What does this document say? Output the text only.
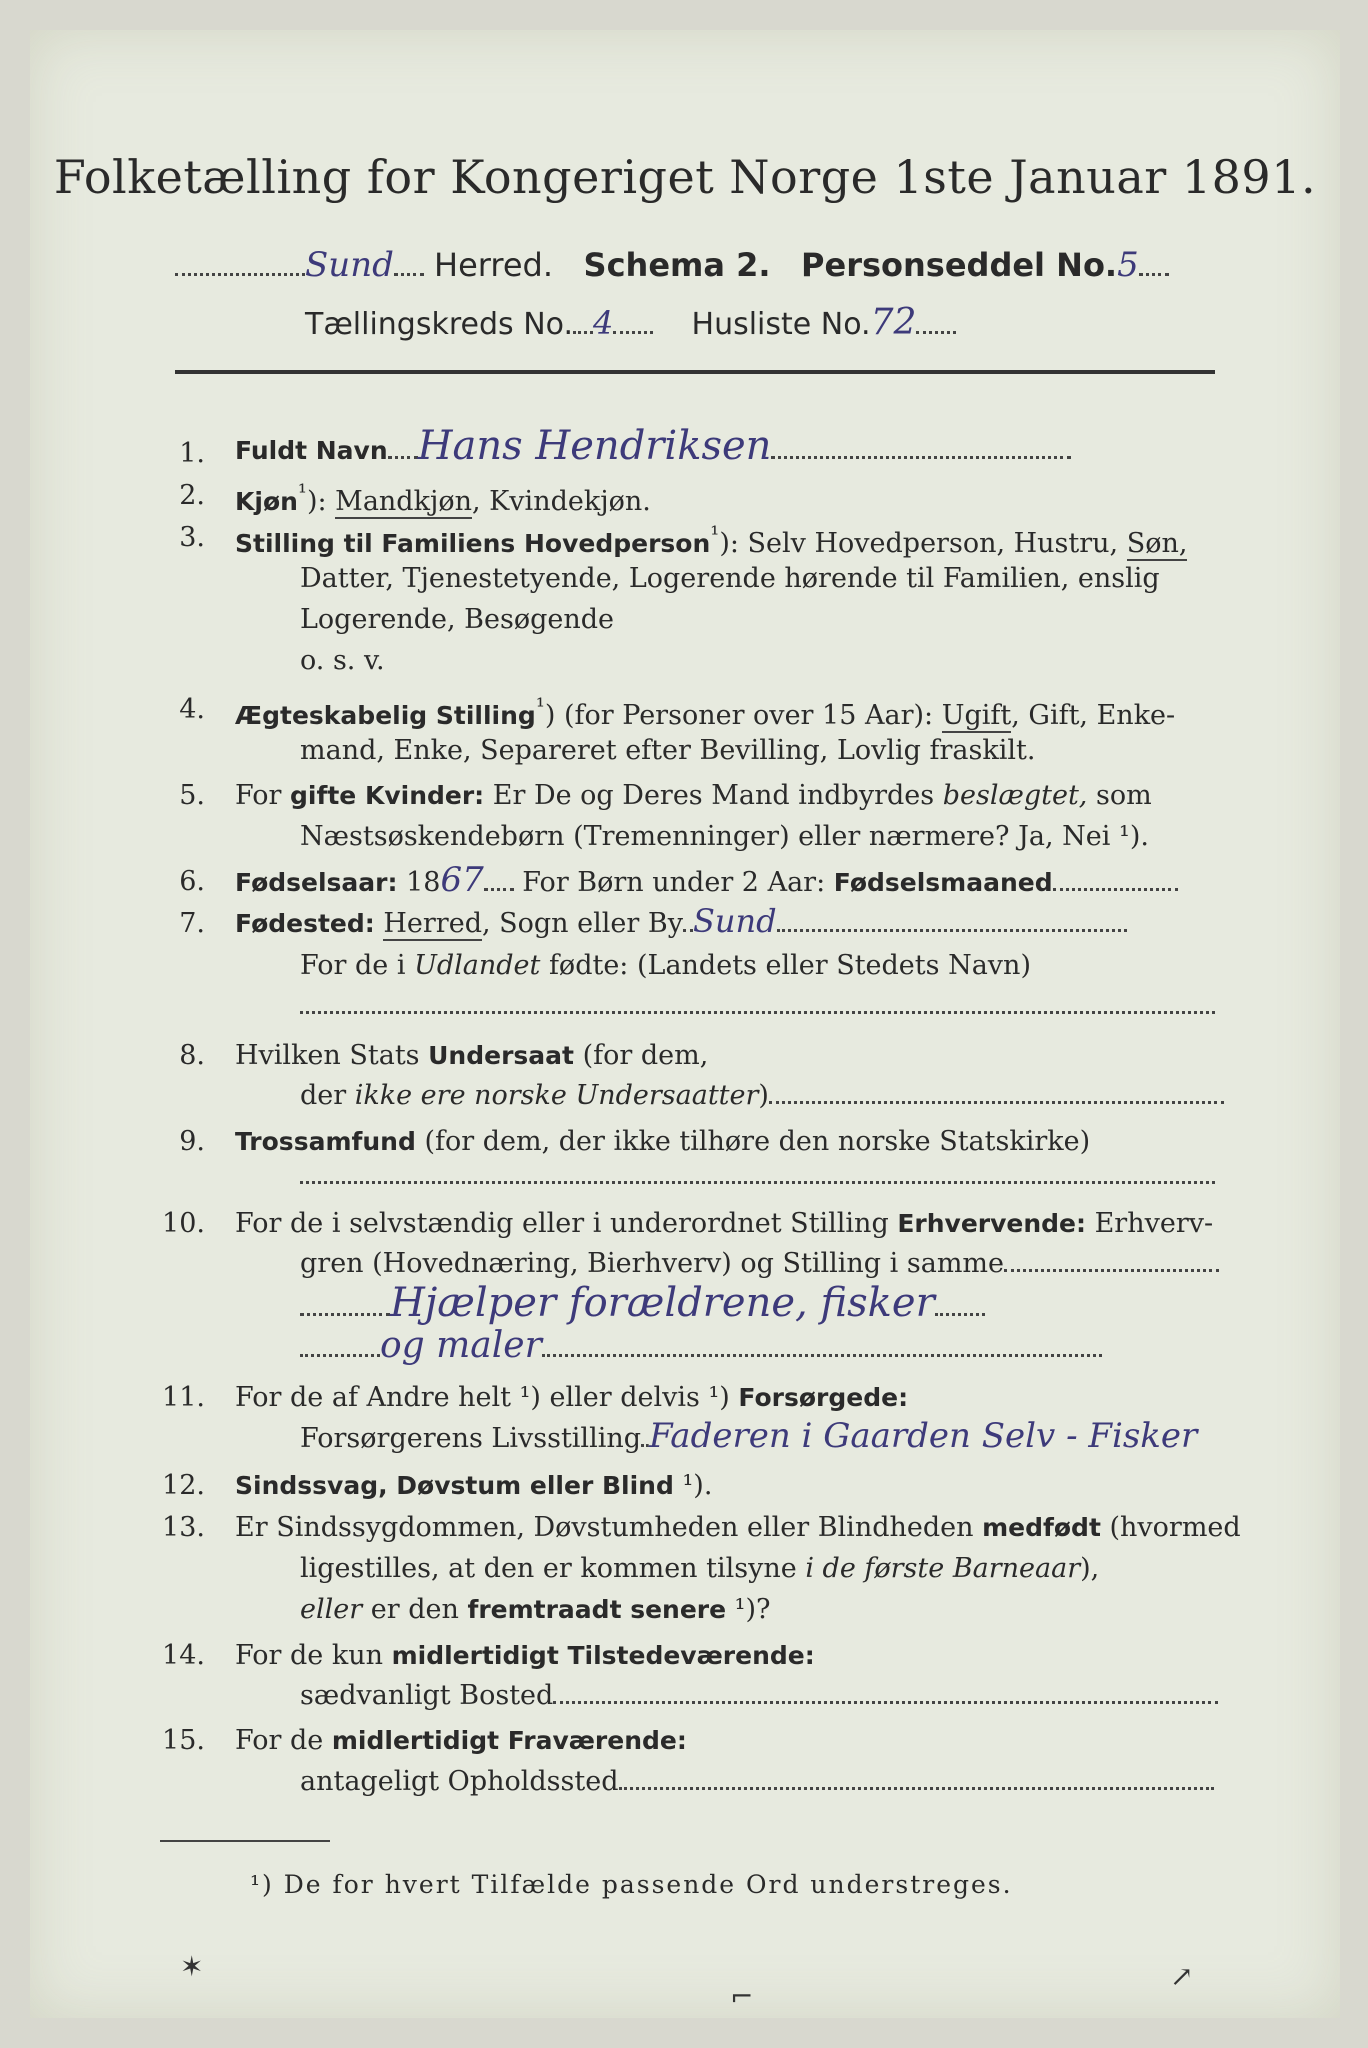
Folketælling for Kongeriget Norge 1ste Januar 1891.
Sund Herred. Schema 2. Personseddel No.5
Tællingskreds No. 4	Husliste No.72
1. Fuldt Navn Hans Hendriksen
2. Kjøn$^{^1}$): Mandkjøn, Kvindekjøn.
3. Stilling til Familiens Hovedperson$^{^1}$): Selv Hovedperson, Hustru, Søn,
Datter, Tjenestetyende, Logerende hørende til Familien, enslig
Logerende, Besøgende
o. s. v.
4. Ægteskabelig Stilling$^{^1}$) (for Personer over 15 Aar): Ugift, Gift, Enke-
mand, Enke, Separeret efter Bevilling, Lovlig fraskilt.
5. For gifte Kvinder: Er De og Deres Mand indbyrdes beslægtet, som
Næstsøskendebørn (Tremenninger) eller nærmere? Ja, Nei ¹).
6. Fødselsaar: 1867 For Børn under 2 Aar: Fødselsmaaned
7. Fødested: Herred, Sogn eller By Sund
For de i Udlandet fødte: (Landets eller Stedets Navn)
8. Hvilken Stats Undersaat (for dem,
der ikke ere norske Undersaatter)
9. Trossamfund (for dem, der ikke tilhøre den norske Statskirke)
10. For de i selvstændig eller i underordnet Stilling Erhvervende: Erhverv-
gren (Hovednæring, Bierhverv) og Stilling i samme
Hjælper forældrene, fisker
og maler
11. For de af Andre helt ¹) eller delvis ¹) Forsørgede:
Forsørgerens Livsstilling Faderen i Gaarden Selv - Fisker
12. Sindssvag, Døvstum eller Blind ¹).
13. Er Sindssygdommen, Døvstumheden eller Blindheden medfødt (hvormed
ligestilles, at den er kommen tilsyne i de første Barneaar),
eller er den fremtraadt senere ¹)?
14. For de kun midlertidigt Tilstedeværende:
sædvanligt Bosted
15. For de midlertidigt Fraværende:
antageligt Opholdssted
¹) De for hvert Tilfælde passende Ord understreges.
✶
⌐
↗
